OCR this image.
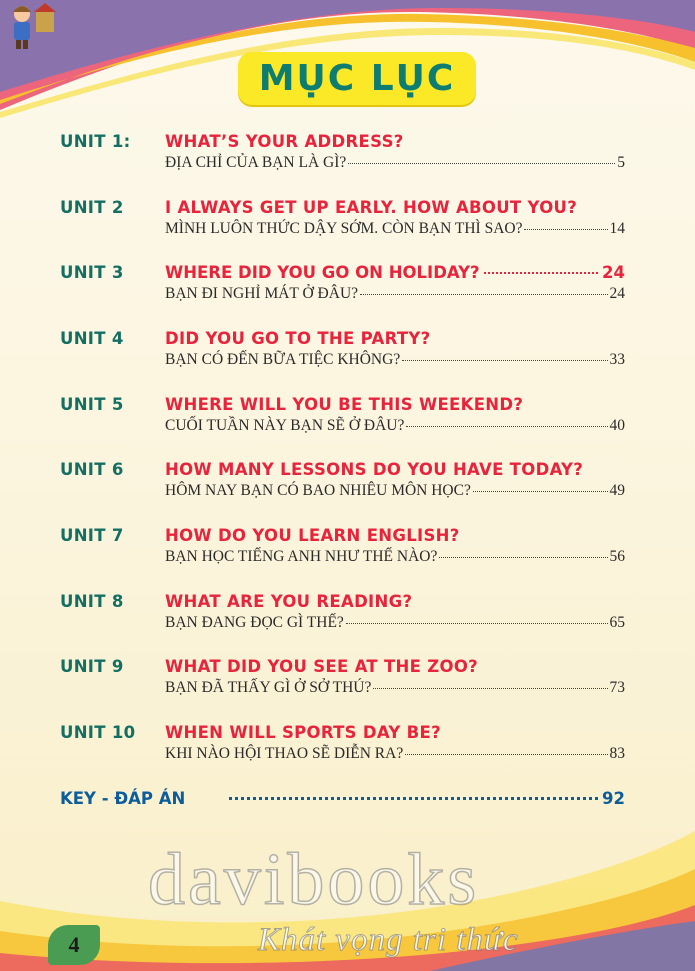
MỤC LỤC
UNIT 1: WHAT’S YOUR ADDRESS?
ĐỊA CHỈ CỦA BẠN LÀ GÌ?	5
UNIT 2	I ALWAYS GET UP EARLY. HOW ABOUT YOU?
MÌNH LUÔN THỨC DẬY SỚM. CÒN BẠN THÌ SAO?	14
UNIT 3	WHERE DID YOU GO ON HOLIDAY?	24
BẠN ĐI NGHỈ MÁT Ở ĐÂU?	24
UNIT 4	DID YOU GO TO THE PARTY?
BẠN CÓ ĐẾN BỮA TIỆC KHÔNG?	33
UNIT 5	WHERE WILL YOU BE THIS WEEKEND?
CUỐI TUẦN NÀY BẠN SẼ Ở ĐÂU?	40
UNIT 6	HOW MANY LESSONS DO YOU HAVE TODAY?
HÔM NAY BẠN CÓ BAO NHIÊU MÔN HỌC?	49
UNIT 7	HOW DO YOU LEARN ENGLISH?
BẠN HỌC TIẾNG ANH NHƯ THẾ NÀO?	56
UNIT 8	WHAT ARE YOU READING?
BẠN ĐANG ĐỌC GÌ THẾ?	65
UNIT 9	WHAT DID YOU SEE AT THE ZOO?
BẠN ĐÃ THẤY GÌ Ở SỞ THÚ?	73
UNIT 10 WHEN WILL SPORTS DAY BE?
KHI NÀO HỘI THAO SẼ DIỄN RA?	83
KEY - ĐÁP ÁN	92
davibooks
Khát vọng tri thức
4
